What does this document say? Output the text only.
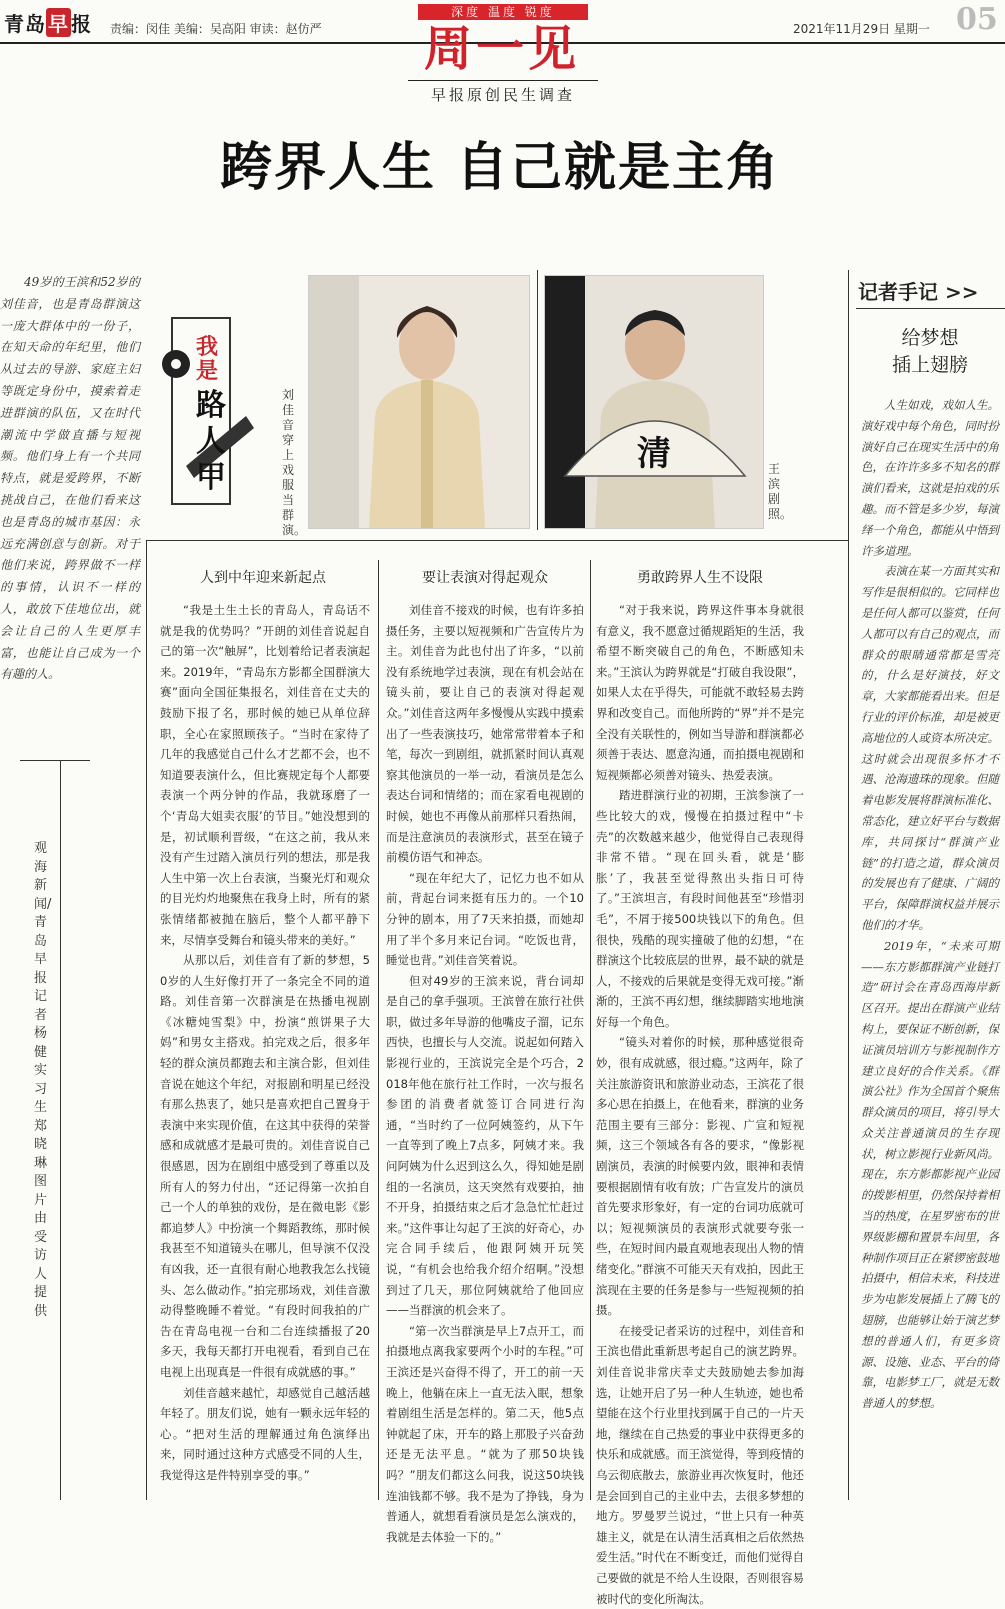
青岛 早 报 责编：闵佳 美编：吴高阳 审读：赵仿严	2021年11月29日 星期一 05
深度 温度 锐度
周一见
早报原创民生调查
跨界人生 自己就是主角
49岁的王滨和52岁的刘佳音，也是青岛群演这一庞大群体中的一份子，在知天命的年纪里，他们从过去的导游、家庭主妇等既定身份中，摸索着走进群演的队伍，又在时代潮流中学做直播与短视频。他们身上有一个共同特点，就是爱跨界，不断挑战自己，在他们看来这也是青岛的城市基因：永远充满创意与创新。对于他们来说，跨界做不一样的事情，认识不一样的人，敢放下佳地位出，就会让自己的人生更厚丰富，也能让自己成为一个有趣的人。
观海新闻/青岛早报记者 杨健 实习生 郑晓琳 图片由受访人提供
我是
路人甲
刘佳音穿上戏服当群演。
清	王滨剧照。
人到中年迎来新起点	要让表演对得起观众	勇敢跨界人生不设限

“我是土生土长的青岛人，青岛话不就是我的优势吗？”开朗的刘佳音说起自己的第一次“触屏”，比划着给记者表演起来。2019年，“青岛东方影都全国群演大赛”面向全国征集报名，刘佳音在丈夫的鼓励下报了名，那时候的她已从单位辞职，全心在家照顾孩子。“当时在家待了几年的我感觉自己什么才艺都不会，也不知道要表演什么，但比赛规定每个人都要表演一个两分钟的作品，我就琢磨了一个‘青岛大姐卖衣服’的节目。”她没想到的是，初试顺利晋级，“在这之前，我从来没有产生过踏入演员行列的想法，那是我人生中第一次上台表演，当聚光灯和观众的目光灼灼地聚焦在我身上时，所有的紧张情绪都被抛在脑后，整个人都平静下来，尽情享受舞台和镜头带来的美好。”

从那以后，刘佳音有了新的梦想，50岁的人生好像打开了一条完全不同的道路。刘佳音第一次群演是在热播电视剧《冰糖炖雪梨》中，扮演“煎饼果子大妈”和男女主搭戏。拍完戏之后，很多年轻的群众演员都跑去和主演合影，但刘佳音说在她这个年纪，对报剧和明星已经没有那么热衷了，她只是喜欢把自己置身于表演中来实现价值，在这其中获得的荣誉感和成就感才是最可贵的。刘佳音说自己很感恩，因为在剧组中感受到了尊重以及所有人的努力付出，“还记得第一次拍自己一个人的单独的戏份，是在微电影《影都追梦人》中扮演一个舞蹈教练，那时候我甚至不知道镜头在哪儿，但导演不仅没有凶我，还一直很有耐心地教我怎么找镜头、怎么做动作。”拍完那场戏，刘佳音激动得整晚睡不着觉。“有段时间我拍的广告在青岛电视一台和二台连续播报了20多天，我每天都打开电视看，看到自己在电视上出现真是一件很有成就感的事。”

刘佳音越来越忙，却感觉自己越活越年轻了。朋友们说，她有一颗永远年轻的心。“把对生活的理解通过角色演绎出来，同时通过这种方式感受不同的人生，我觉得这是件特别享受的事。”

刘佳音不接戏的时候，也有许多拍摄任务，主要以短视频和广告宣传片为主。刘佳音为此也付出了许多，“以前没有系统地学过表演，现在有机会站在镜头前，要让自己的表演对得起观众。”刘佳音这两年多慢慢从实践中摸索出了一些表演技巧，她常常带着本子和笔，每次一到剧组，就抓紧时间认真观察其他演员的一举一动，看演员是怎么表达台词和情绪的；而在家看电视剧的时候，她也不再像从前那样只看热闹，而是注意演员的表演形式，甚至在镜子前模仿语气和神态。

“现在年纪大了，记忆力也不如从前，背起台词来挺有压力的。一个10分钟的剧本，用了7天来拍摄，而她却用了半个多月来记台词。“吃饭也背，睡觉也背。”刘佳音笑着说。

但对49岁的王滨来说，背台词却是自己的拿手强项。王滨曾在旅行社供职，做过多年导游的他嘴皮子溜，记东西快，也擅长与人交流。说起如何踏入影视行业的，王滨说完全是个巧合，2018年他在旅行社工作时，一次与报名参团的消费者就签订合同进行沟通，“当时约了一位阿姨签约，从下午一直等到了晚上7点多，阿姨才来。我问阿姨为什么迟到这么久，得知她是剧组的一名演员，这天突然有戏要拍，抽不开身，拍摄结束之后才急急忙忙赶过来。”这件事让勾起了王滨的好奇心，办完合同手续后，他跟阿姨开玩笑说，“有机会也给我介绍介绍啊。”没想到过了几天，那位阿姨就给了他回应——当群演的机会来了。

“第一次当群演是早上7点开工，而拍摄地点离我家要两个小时的车程。”可王滨还是兴奋得不得了，开工的前一天晚上，他躺在床上一直无法入眠，想象着剧组生活是怎样的。第二天，他5点钟就起了床，开车的路上那股子兴奋劲还是无法平息。“就为了那50块钱吗？”朋友们都这么问我，说这50块钱连油钱都不够。我不是为了挣钱，身为普通人，就想看看演员是怎么演戏的，我就是去体验一下的。”

“对于我来说，跨界这件事本身就很有意义，我不愿意过循规蹈矩的生活，我希望不断突破自己的角色，不断感知未来。”王滨认为跨界就是“打破自我设限”，如果人太在乎得失，可能就不敢轻易去跨界和改变自己。而他所跨的“界”并不是完全没有关联性的，例如当导游和群演都必须善于表达、愿意沟通，而拍摄电视剧和短视频都必须善对镜头、热爱表演。

踏进群演行业的初期，王滨参演了一些比较大的戏，慢慢在拍摄过程中“卡壳”的次数越来越少，他觉得自己表现得非常不错。“现在回头看，就是‘膨胀’了，我甚至觉得熬出头指日可待了。”王滨坦言，有段时间他甚至“珍惜羽毛”，不屑于接500块钱以下的角色。但很快，残酷的现实撞破了他的幻想，“在群演这个比较底层的世界，最不缺的就是人，不接戏的后果就是变得无戏可接。”渐渐的，王滨不再幻想，继续脚踏实地地演好每一个角色。

“镜头对着你的时候，那种感觉很奇妙，很有成就感，很过瘾。”这两年，除了关注旅游资讯和旅游业动态，王滨花了很多心思在拍摄上，在他看来，群演的业务范围主要有三部分：影视、广宣和短视频，这三个领域各有各的要求，“像影视剧演员，表演的时候要内敛，眼神和表情要根据剧情有收有放；广告宣发片的演员首先要求形象好，有一定的台词功底就可以；短视频演员的表演形式就要夸张一些，在短时间内最直观地表现出人物的情绪变化。”群演不可能天天有戏拍，因此王滨现在主要的任务是参与一些短视频的拍摄。

在接受记者采访的过程中，刘佳音和王滨也借此重新思考起自己的演艺跨界。刘佳音说非常庆幸丈夫鼓励她去参加海选，让她开启了另一种人生轨迹，她也希望能在这个行业里找到属于自己的一片天地，继续在自己热爱的事业中获得更多的快乐和成就感。而王滨觉得，等到疫情的乌云彻底散去，旅游业再次恢复时，他还是会回到自己的主业中去，去很多梦想的地方。罗曼罗兰说过，“世上只有一种英雄主义，就是在认清生活真相之后依然热爱生活。”时代在不断变迁，而他们觉得自己要做的就是不给人生设限，否则很容易被时代的变化所淘汰。

记者手记 >>
给梦想
插上翅膀

人生如戏，戏如人生。演好戏中每个角色，同时扮演好自己在现实生活中的角色，在许许多多不知名的群演们看来，这就是拍戏的乐趣。而不管是多少岁，每演绎一个角色，都能从中悟到许多道理。

表演在某一方面其实和写作是很相似的。它同样也是任何人都可以鉴赏，任何人都可以有自己的观点，而群众的眼睛通常都是雪亮的，什么是好演技，好文章，大家都能看出来。但是行业的评价标准，却是被更高地位的人或资本所决定。这时就会出现很多怀才不遇、沧海遗珠的现象。但随着电影发展将群演标准化、常态化，建立好平台与数据库，共同探讨“群演产业链”的打造之道，群众演员的发展也有了健康、广阔的平台，保障群演权益并展示他们的才华。

2019年，“未来可期——东方影都群演产业链打造”研讨会在青岛西海岸新区召开。提出在群演产业结构上，要保证不断创新，保证演员培训方与影视制作方建立良好的合作关系。《群演公社》作为全国首个聚焦群众演员的项目，将引导大众关注普通演员的生存现状，树立影视行业新风尚。现在，东方影都影视产业园的拨影相里，仍然保持着相当的热度，在星罗密布的世界级影棚和置景车间里，各种制作项目正在紧锣密鼓地拍摄中，相信未来，科技进步为电影发展插上了腾飞的翅膀，也能够让始于演艺梦想的普通人们，有更多资源、设施、业态、平台的倚靠，电影梦工厂，就是无数普通人的梦想。
